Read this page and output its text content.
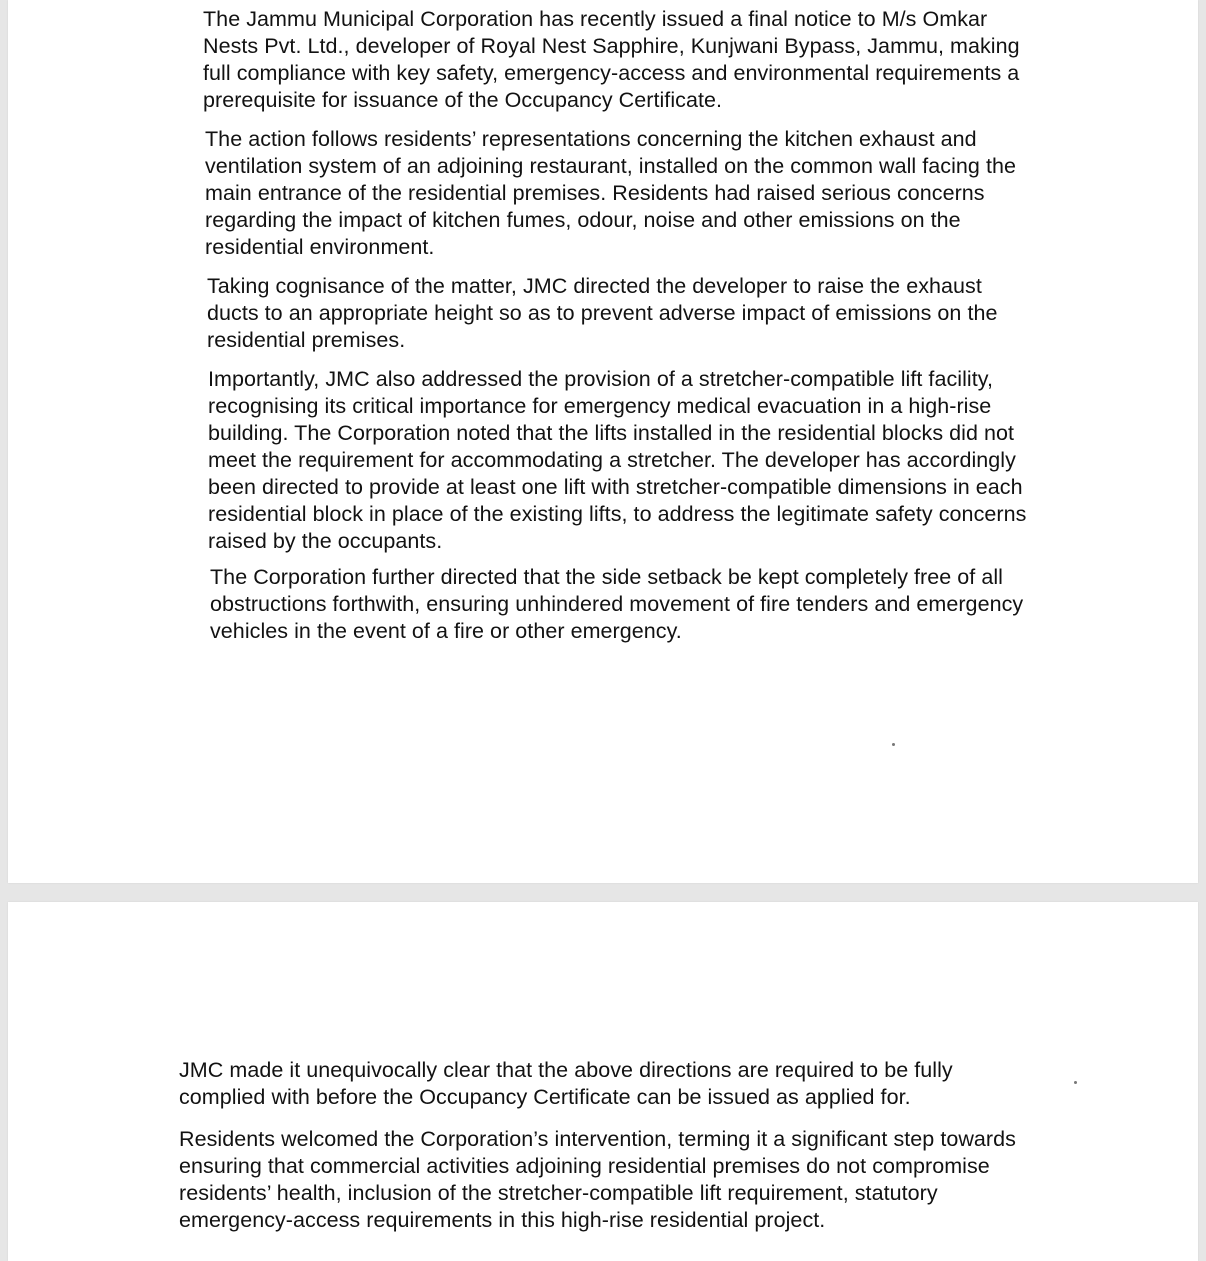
The Jammu Municipal Corporation has recently issued a final notice to M/s Omkar Nests Pvt. Ltd., developer of Royal Nest Sapphire, Kunjwani Bypass, Jammu, making full compliance with key safety, emergency-access and environmental requirements a prerequisite for issuance of the Occupancy Certificate.

The action follows residents’ representations concerning the kitchen exhaust and ventilation system of an adjoining restaurant, installed on the common wall facing the main entrance of the residential premises. Residents had raised serious concerns regarding the impact of kitchen fumes, odour, noise and other emissions on the residential environment.

Taking cognisance of the matter, JMC directed the developer to raise the exhaust ducts to an appropriate height so as to prevent adverse impact of emissions on the residential premises.

Importantly, JMC also addressed the provision of a stretcher-compatible lift facility, recognising its critical importance for emergency medical evacuation in a high-rise building. The Corporation noted that the lifts installed in the residential blocks did not meet the requirement for accommodating a stretcher. The developer has accordingly been directed to provide at least one lift with stretcher-compatible dimensions in each residential block in place of the existing lifts, to address the legitimate safety concerns raised by the occupants.

The Corporation further directed that the side setback be kept completely free of all obstructions forthwith, ensuring unhindered movement of fire tenders and emergency vehicles in the event of a fire or other emergency.

JMC made it unequivocally clear that the above directions are required to be fully complied with before the Occupancy Certificate can be issued as applied for.

Residents welcomed the Corporation’s intervention, terming it a significant step towards ensuring that commercial activities adjoining residential premises do not compromise residents’ health, inclusion of the stretcher-compatible lift requirement, statutory emergency-access requirements in this high-rise residential project.
